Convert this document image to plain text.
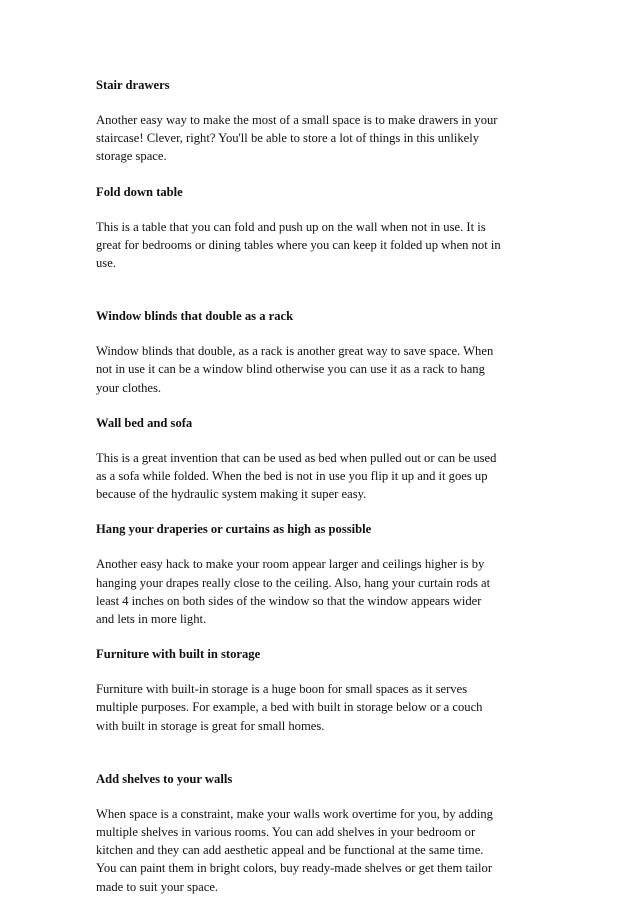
Stair drawers
Another easy way to make the most of a small space is to make drawers in your
staircase! Clever, right? You'll be able to store a lot of things in this unlikely
storage space.
Fold down table
This is a table that you can fold and push up on the wall when not in use. It is
great for bedrooms or dining tables where you can keep it folded up when not in
use.
Window blinds that double as a rack
Window blinds that double, as a rack is another great way to save space. When
not in use it can be a window blind otherwise you can use it as a rack to hang
your clothes.
Wall bed and sofa
This is a great invention that can be used as bed when pulled out or can be used
as a sofa while folded. When the bed is not in use you flip it up and it goes up
because of the hydraulic system making it super easy.
Hang your draperies or curtains as high as possible
Another easy hack to make your room appear larger and ceilings higher is by
hanging your drapes really close to the ceiling. Also, hang your curtain rods at
least 4 inches on both sides of the window so that the window appears wider
and lets in more light.
Furniture with built in storage
Furniture with built-in storage is a huge boon for small spaces as it serves
multiple purposes. For example, a bed with built in storage below or a couch
with built in storage is great for small homes.
Add shelves to your walls
When space is a constraint, make your walls work overtime for you, by adding
multiple shelves in various rooms. You can add shelves in your bedroom or
kitchen and they can add aesthetic appeal and be functional at the same time.
You can paint them in bright colors, buy ready-made shelves or get them tailor
made to suit your space.
